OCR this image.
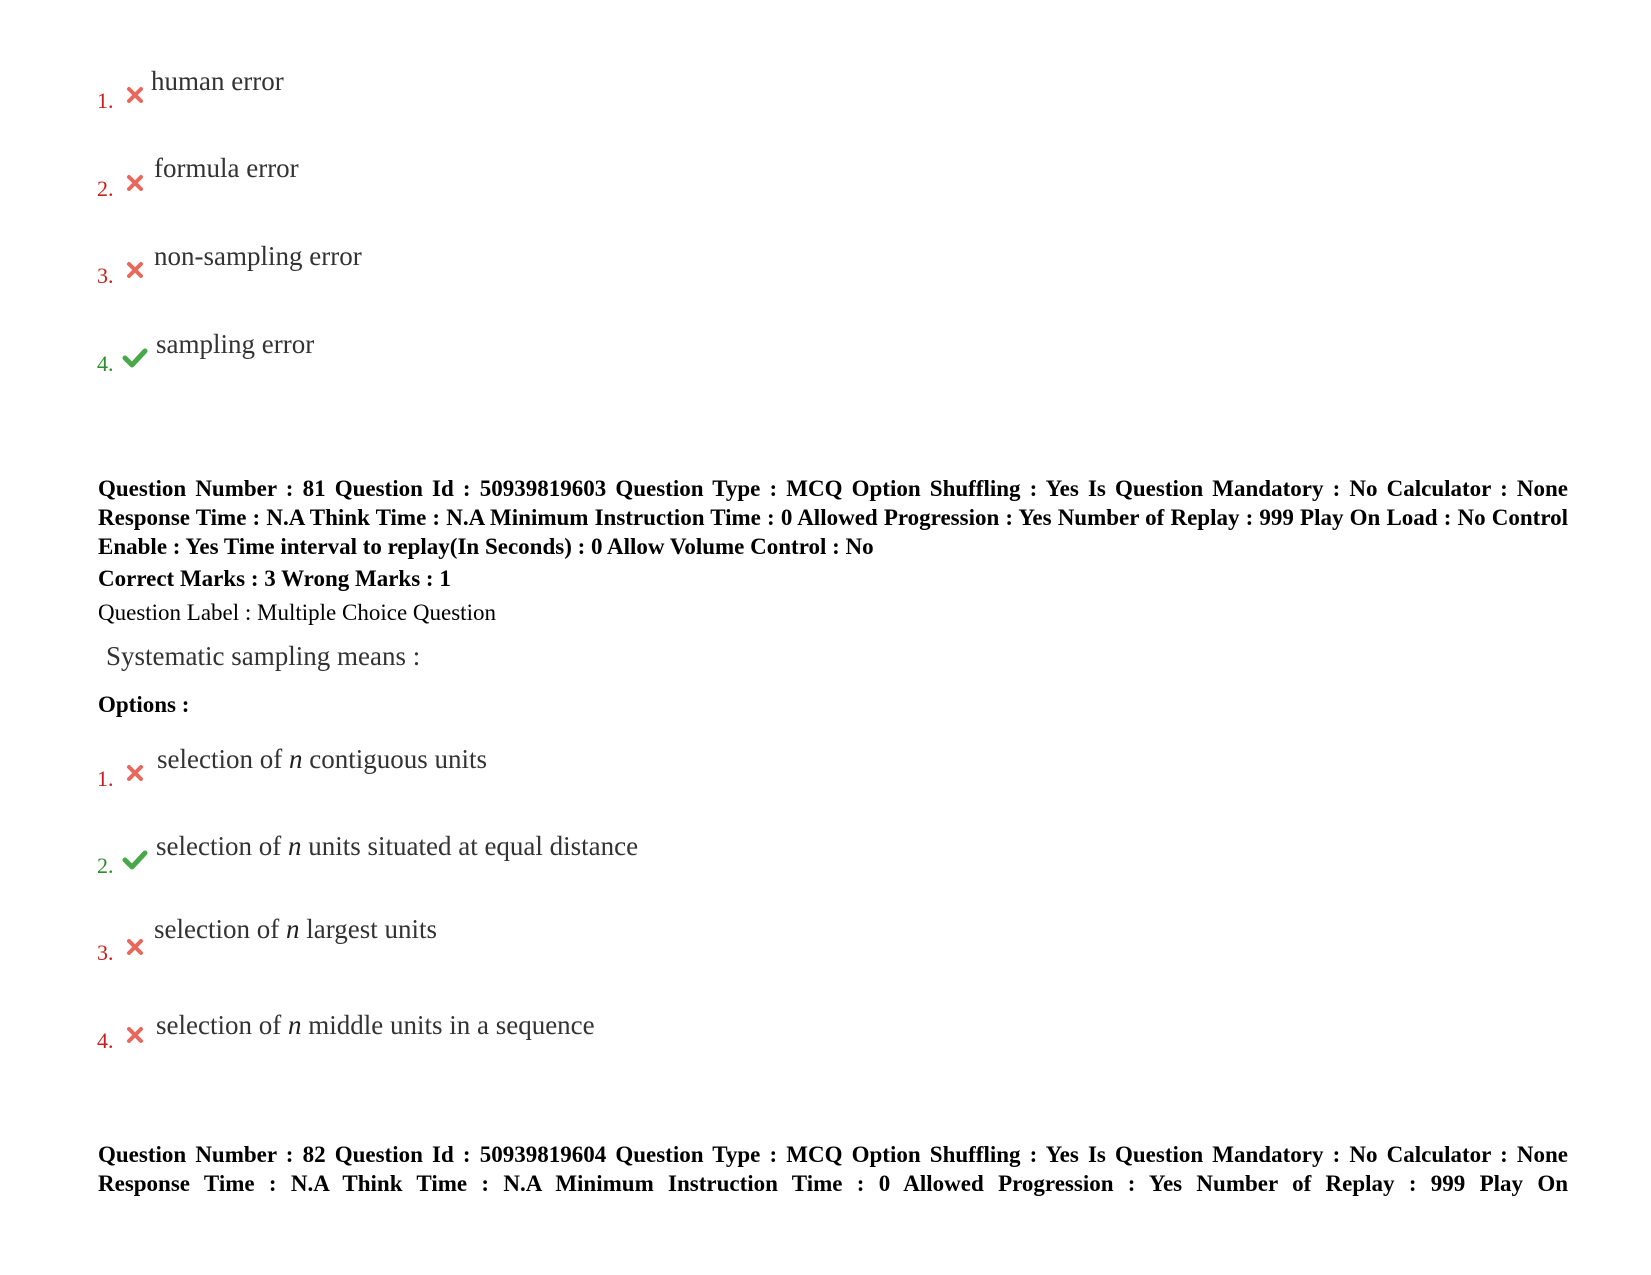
1.
human error
2.
formula error
3.
non-sampling error
4.
sampling error
Question Number : 81 Question Id : 50939819603 Question Type : MCQ Option Shuffling : Yes Is Question Mandatory : No Calculator : None Response Time : N.A Think Time : N.A Minimum Instruction Time : 0 Allowed Progression : Yes Number of Replay : 999 Play On Load : No Control Enable : Yes Time interval to replay(In Seconds) : 0 Allow Volume Control : No
Correct Marks : 3 Wrong Marks : 1
Question Label : Multiple Choice Question
Systematic sampling means :
Options :
1.
selection of n contiguous units
2.
selection of n units situated at equal distance
3.
selection of n largest units
4.
selection of n middle units in a sequence
Question Number : 82 Question Id : 50939819604 Question Type : MCQ Option Shuffling : Yes Is Question Mandatory : No Calculator : None Response Time : N.A Think Time : N.A Minimum Instruction Time : 0 Allowed Progression : Yes Number of Replay : 999 Play On
